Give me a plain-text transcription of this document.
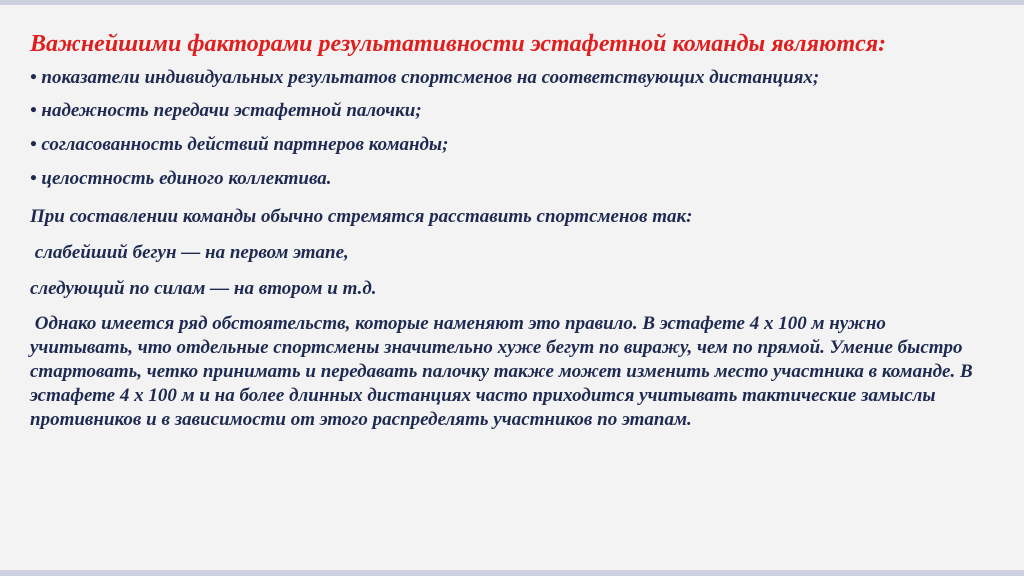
Важнейшими факторами результативности эстафетной команды являются:

• показатели индивидуальных результатов спортсменов на соответствующих дистанциях;

• надежность передачи эстафетной палочки;

• согласованность действий партнеров команды;

• целостность единого коллектива.

При составлении команды обычно стремятся расставить спортсменов так:

слабейший бегун — на первом этапе,

следующий по силам — на втором и т.д.

Однако имеется ряд обстоятельств, которые наменяют это правило. В эстафете 4 х 100 м нужно учитывать, что отдельные спортсмены значительно хуже бегут по виражу, чем по прямой. Умение быстро стартовать, четко принимать и передавать палочку также может изменить место участника в команде. В эстафете 4 х 100 м и на более длинных дистанциях часто приходится учитывать тактические замыслы противников и в зависимости от этого распределять участников по этапам.
